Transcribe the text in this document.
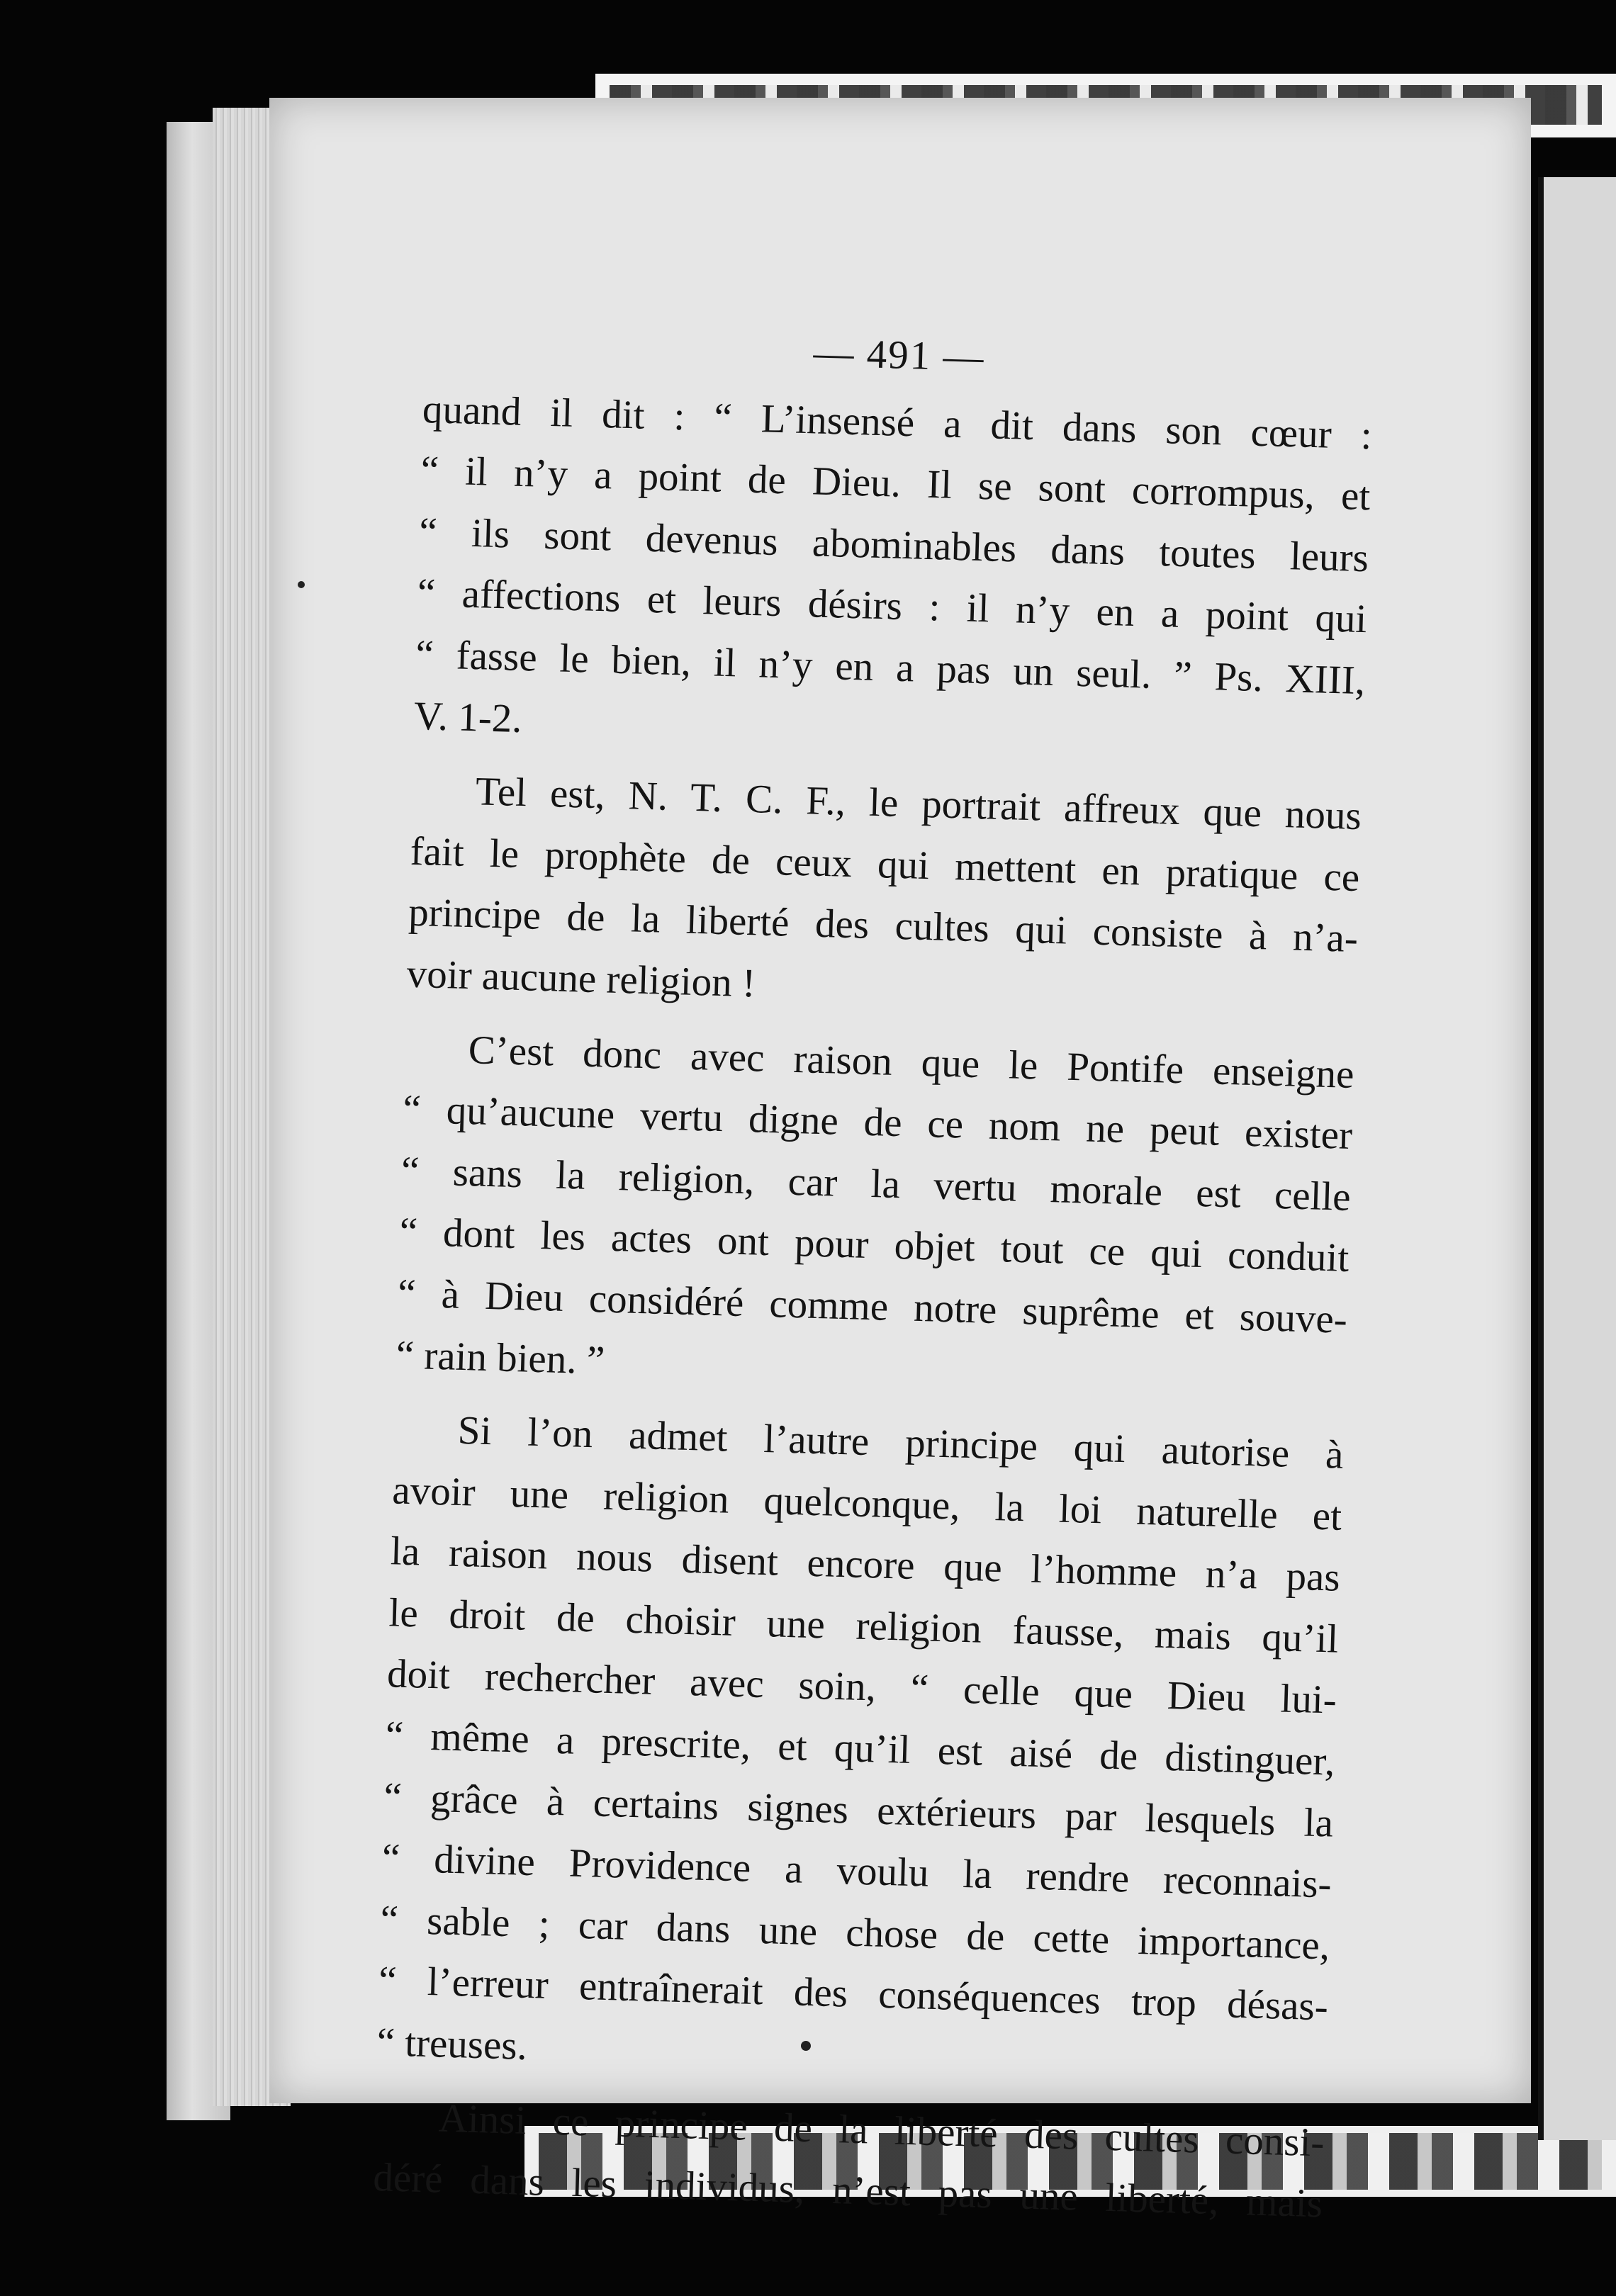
— 491 —

quand il dit : “ L’insensé a dit dans son cœur :
“ il n’y a point de Dieu. Il se sont corrompus, et
“ ils sont devenus abominables dans toutes leurs
“ affections et leurs désirs : il n’y en a point qui
“ fasse le bien, il n’y en a pas un seul. ” Ps. XIII,
V. 1-2.

Tel est, N. T. C. F., le portrait affreux que nous
fait le prophète de ceux qui mettent en pratique ce
principe de la liberté des cultes qui consiste à n’a-
voir aucune religion !

C’est donc avec raison que le Pontife enseigne
“ qu’aucune vertu digne de ce nom ne peut exister
“ sans la religion, car la vertu morale est celle
“ dont les actes ont pour objet tout ce qui conduit
“ à Dieu considéré comme notre suprême et souve-
“ rain bien. ”

Si l’on admet l’autre principe qui autorise à
avoir une religion quelconque, la loi naturelle et
la raison nous disent encore que l’homme n’a pas
le droit de choisir une religion fausse, mais qu’il
doit rechercher avec soin, “ celle que Dieu lui-
“ même a prescrite, et qu’il est aisé de distinguer,
“ grâce à certains signes extérieurs par lesquels la
“ divine Providence a voulu la rendre reconnais-
“ sable ; car dans une chose de cette importance,
“ l’erreur entraînerait des conséquences trop désas-
“ treuses.

Ainsi ce principe de la liberté des cultes consi-
déré dans les individus, n’est pas une liberté, mais
